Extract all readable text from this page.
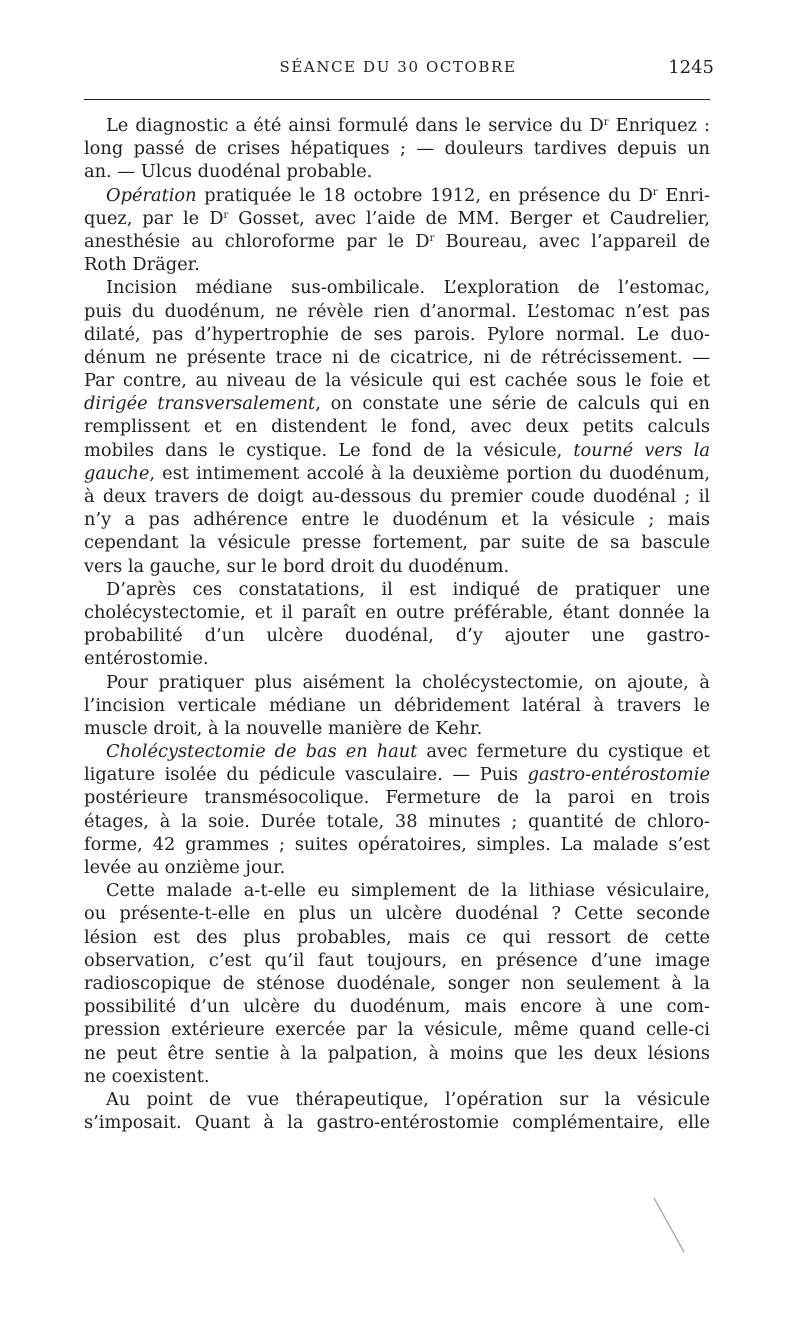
SÉANCE DU 30 OCTOBRE	1245
Le diagnostic a été ainsi formulé dans le service du $D^r$ Enriquez :
long passé de crises hépatiques ; — douleurs tardives depuis un
an. — Ulcus duodénal probable.
Opération pratiquée le 18 octobre 1912, en présence du $D^r$ Enri-
quez, par le $D^r$ Gosset, avec l’aide de MM. Berger et Caudrelier,
anesthésie au chloroforme par le $D^r$ Boureau, avec l’appareil de
Roth Dräger.
Incision médiane sus-ombilicale. L’exploration de l’estomac,
puis du duodénum, ne révèle rien d’anormal. L’estomac n’est pas
dilaté, pas d’hypertrophie de ses parois. Pylore normal. Le duo-
dénum ne présente trace ni de cicatrice, ni de rétrécissement. —
Par contre, au niveau de la vésicule qui est cachée sous le foie et
dirigée transversalement, on constate une série de calculs qui en
remplissent et en distendent le fond, avec deux petits calculs
mobiles dans le cystique. Le fond de la vésicule, tourné vers la
gauche, est intimement accolé à la deuxième portion du duodénum,
à deux travers de doigt au-dessous du premier coude duodénal ; il
n’y a pas adhérence entre le duodénum et la vésicule ; mais
cependant la vésicule presse fortement, par suite de sa bascule
vers la gauche, sur le bord droit du duodénum.
D’après ces constatations, il est indiqué de pratiquer une
cholécystectomie, et il paraît en outre préférable, étant donnée la
probabilité d’un ulcère duodénal, d’y ajouter une gastro-
entérostomie.
Pour pratiquer plus aisément la cholécystectomie, on ajoute, à
l’incision verticale médiane un débridement latéral à travers le
muscle droit, à la nouvelle manière de Kehr.
Cholécystectomie de bas en haut avec fermeture du cystique et
ligature isolée du pédicule vasculaire. — Puis gastro-entérostomie
postérieure transmésocolique. Fermeture de la paroi en trois
étages, à la soie. Durée totale, 38 minutes ; quantité de chloro-
forme, 42 grammes ; suites opératoires, simples. La malade s’est
levée au onzième jour.
Cette malade a-t-elle eu simplement de la lithiase vésiculaire,
ou présente-t-elle en plus un ulcère duodénal ? Cette seconde
lésion est des plus probables, mais ce qui ressort de cette
observation, c’est qu’il faut toujours, en présence d’une image
radioscopique de sténose duodénale, songer non seulement à la
possibilité d’un ulcère du duodénum, mais encore à une com-
pression extérieure exercée par la vésicule, même quand celle-ci
ne peut être sentie à la palpation, à moins que les deux lésions
ne coexistent.
Au point de vue thérapeutique, l’opération sur la vésicule
s’imposait. Quant à la gastro-entérostomie complémentaire, elle
